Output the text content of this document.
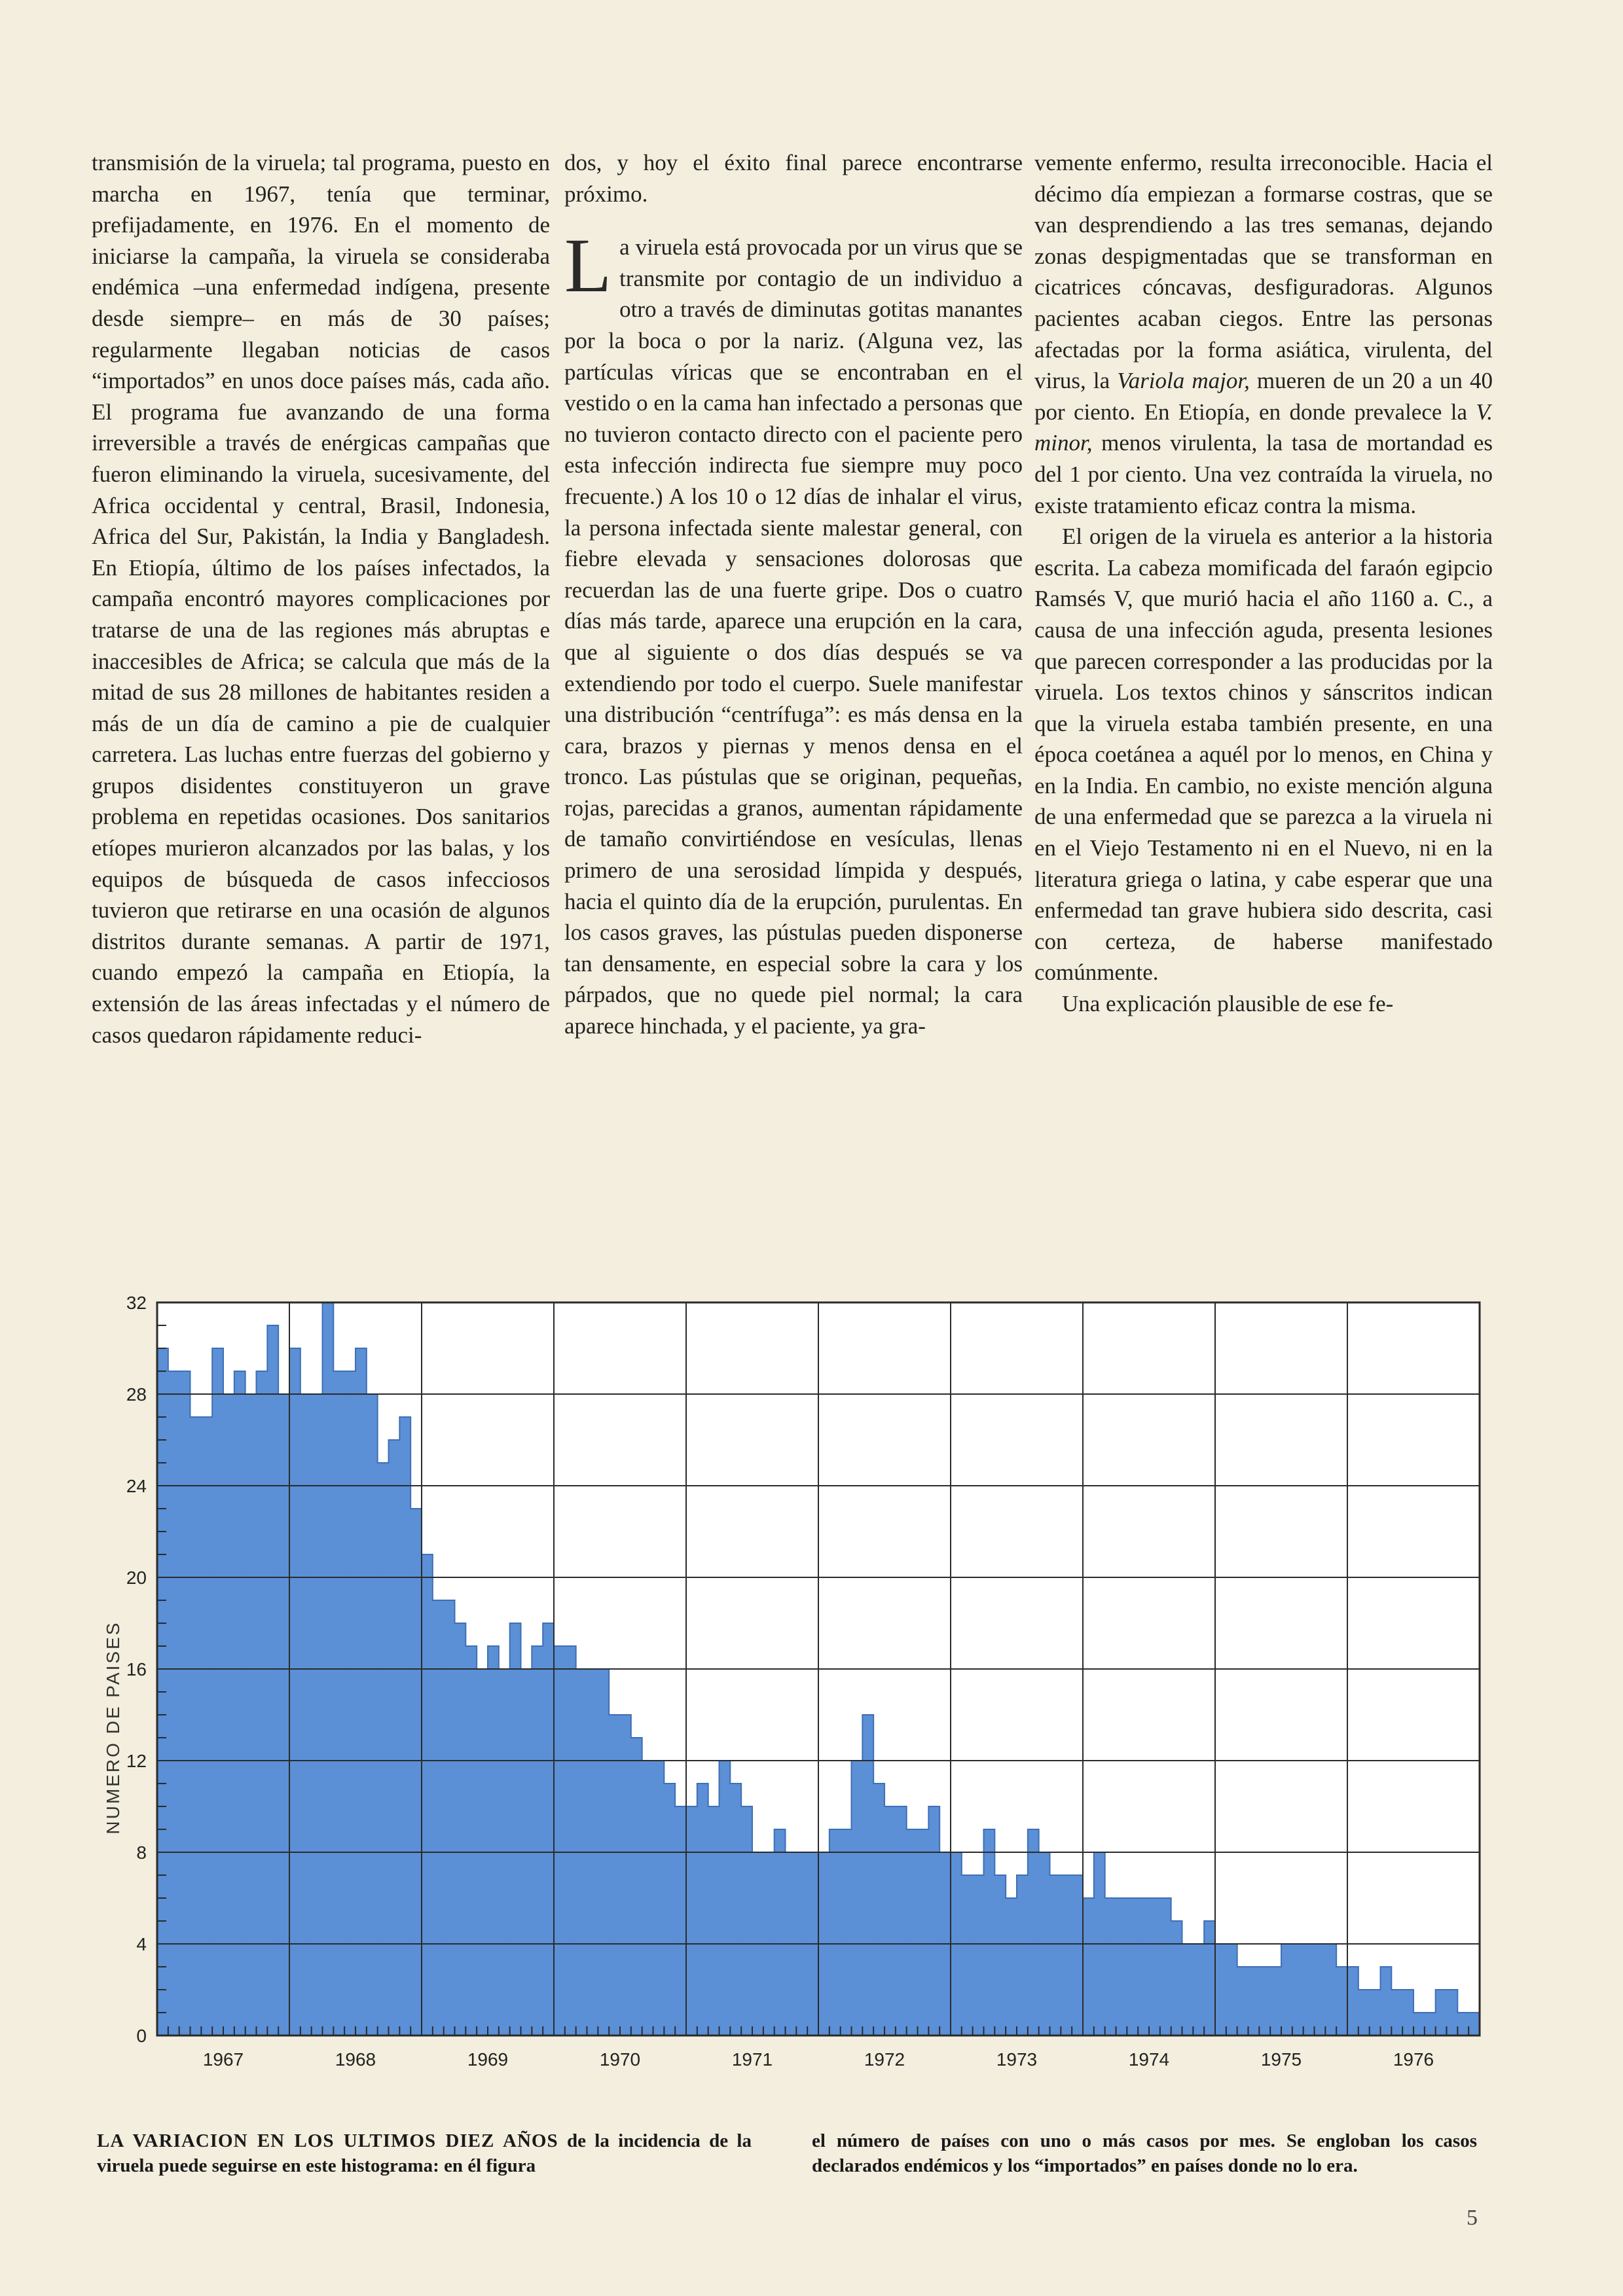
transmisión de la viruela; tal programa, puesto en marcha en 1967, tenía que terminar, prefijadamente, en 1976. En el momento de iniciarse la campaña, la viruela se consideraba endémica –una enfermedad indígena, presente desde siempre– en más de 30 países; regularmente llegaban noticias de casos “importados” en unos doce países más, cada año. El programa fue avanzando de una forma irreversible a través de enérgicas campañas que fueron eliminando la viruela, sucesivamente, del Africa occidental y central, Brasil, Indonesia, Africa del Sur, Pakistán, la India y Bangladesh. En Etiopía, último de los países infectados, la campaña encontró mayores complicaciones por tratarse de una de las regiones más abruptas e inaccesibles de Africa; se calcula que más de la mitad de sus 28 millones de habitantes residen a más de un día de camino a pie de cualquier carretera. Las luchas entre fuerzas del gobierno y grupos disidentes constituyeron un grave problema en repetidas ocasiones. Dos sanitarios etíopes murieron alcanzados por las balas, y los equipos de búsqueda de casos infecciosos tuvieron que retirarse en una ocasión de algunos distritos durante semanas. A partir de 1971, cuando empezó la campaña en Etiopía, la extensión de las áreas infectadas y el número de casos quedaron rápidamente reduci-

dos, y hoy el éxito final parece encontrarse próximo.

La viruela está provocada por un virus que se transmite por contagio de un individuo a otro a través de diminutas gotitas manantes por la boca o por la nariz. (Alguna vez, las partículas víricas que se encontraban en el vestido o en la cama han infectado a personas que no tuvieron contacto directo con el paciente pero esta infección indirecta fue siempre muy poco frecuente.) A los 10 o 12 días de inhalar el virus, la persona infectada siente malestar general, con fiebre elevada y sensaciones dolorosas que recuerdan las de una fuerte gripe. Dos o cuatro días más tarde, aparece una erupción en la cara, que al siguiente o dos días después se va extendiendo por todo el cuerpo. Suele manifestar una distribución “centrífuga”: es más densa en la cara, brazos y piernas y menos densa en el tronco. Las pústulas que se originan, pequeñas, rojas, parecidas a granos, aumentan rápidamente de tamaño convirtiéndose en vesículas, llenas primero de una serosidad límpida y después, hacia el quinto día de la erupción, purulentas. En los casos graves, las pústulas pueden disponerse tan densamente, en especial sobre la cara y los párpados, que no quede piel normal; la cara aparece hinchada, y el paciente, ya gra-

vemente enfermo, resulta irreconocible. Hacia el décimo día empiezan a formarse costras, que se van desprendiendo a las tres semanas, dejando zonas despigmentadas que se transforman en cicatrices cóncavas, desfiguradoras. Algunos pacientes acaban ciegos. Entre las personas afectadas por la forma asiática, virulenta, del virus, la Variola major, mueren de un 20 a un 40 por ciento. En Etiopía, en donde prevalece la V. minor, menos virulenta, la tasa de mortandad es del 1 por ciento. Una vez contraída la viruela, no existe tratamiento eficaz contra la misma.

El origen de la viruela es anterior a la historia escrita. La cabeza momificada del faraón egipcio Ramsés V, que murió hacia el año 1160 a. C., a causa de una infección aguda, presenta lesiones que parecen corresponder a las producidas por la viruela. Los textos chinos y sánscritos indican que la viruela estaba también presente, en una época coetánea a aquél por lo menos, en China y en la India. En cambio, no existe mención alguna de una enfermedad que se parezca a la viruela ni en el Viejo Testamento ni en el Nuevo, ni en la literatura griega o latina, y cabe esperar que una enfermedad tan grave hubiera sido descrita, casi con certeza, de haberse manifestado comúnmente.

Una explicación plausible de ese fe-

0
4
8
12
16
20
24
28
32
1967	1968	1969	1970	1971	1972	1973	1974	1975	1976
NUMERO DE PAISES
LA VARIACION EN LOS ULTIMOS DIEZ AÑOS de la incidencia de la viruela puede seguirse en este histograma: en él figura
el número de países con uno o más casos por mes. Se engloban los casos declarados endémicos y los “importados” en países donde no lo era.
5
